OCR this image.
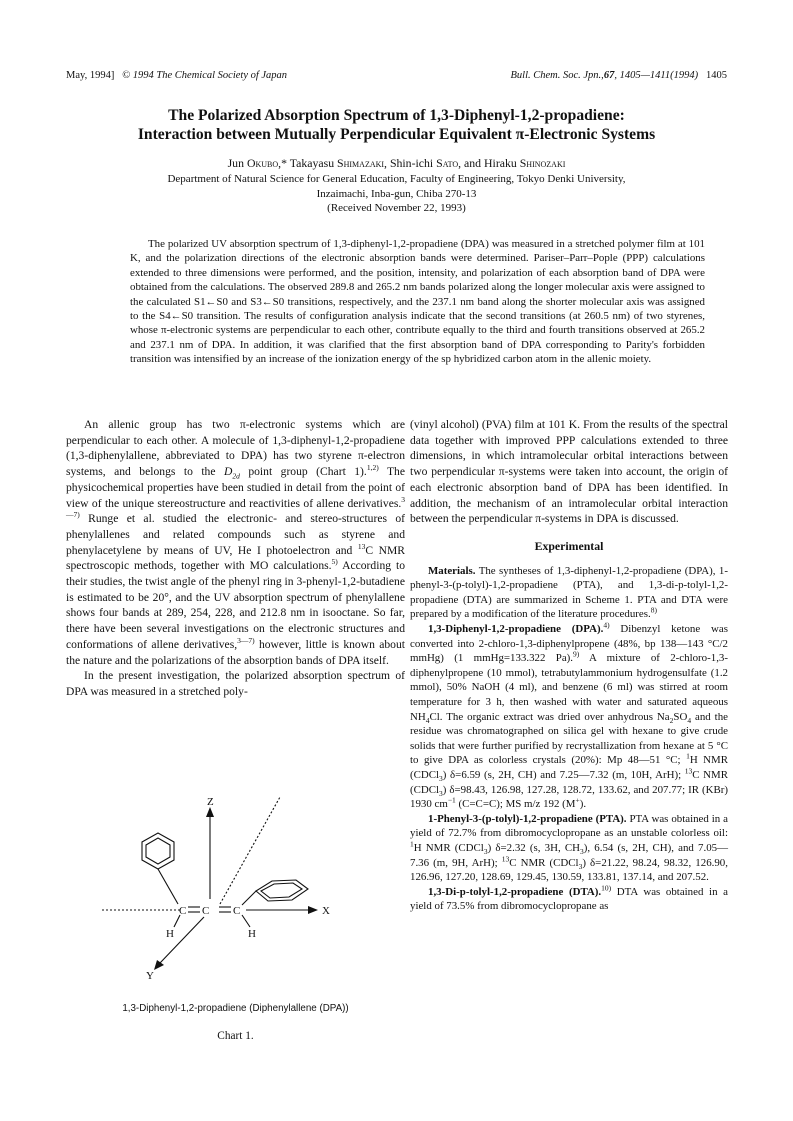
May, 1994] © 1994 The Chemical Society of Japan	Bull. Chem. Soc. Jpn.,67, 1405—1411(1994) 1405
The Polarized Absorption Spectrum of 1,3-Diphenyl-1,2-propadiene:
Interaction between Mutually Perpendicular Equivalent π-Electronic Systems
Jun Okubo,* Takayasu Shimazaki, Shin-ichi Sato, and Hiraku Shinozaki
Department of Natural Science for General Education, Faculty of Engineering, Tokyo Denki University,
Inzaimachi, Inba-gun, Chiba 270-13
(Received November 22, 1993)

The polarized UV absorption spectrum of 1,3-diphenyl-1,2-propadiene (DPA) was measured in a stretched polymer film at 101 K, and the polarization directions of the electronic absorption bands were determined. Pariser–Parr–Pople (PPP) calculations extended to three dimensions were performed, and the position, intensity, and polarization of each absorption band of DPA were obtained from the calculations. The observed 289.8 and 265.2 nm bands polarized along the longer molecular axis were assigned to the calculated S1←S0 and S3←S0 transitions, respectively, and the 237.1 nm band along the shorter molecular axis was assigned to the S4←S0 transition. The results of configuration analysis indicate that the second transitions (at 260.5 nm) of two styrenes, whose π-electronic systems are perpendicular to each other, contribute equally to the third and fourth transitions observed at 265.2 and 237.1 nm of DPA. In addition, it was clarified that the first absorption band of DPA corresponding to Parity's forbidden transition was intensified by an increase of the ionization energy of the sp hybridized carbon atom in the allenic moiety.

An allenic group has two π-electronic systems which are perpendicular to each other. A molecule of 1,3-diphenyl-1,2-propadiene (1,3-diphenylallene, abbreviated to DPA) has two styrene π-electron systems, and belongs to the $D_{2d}$ point group (Chart 1).$^{1,2)}$ The physicochemical properties have been studied in detail from the point of view of the unique stereostructure and reactivities of allene derivatives.$^{3—7)}$ Runge et al. studied the electronic- and stereo-structures of phenylallenes and related compounds such as styrene and phenylacetylene by means of UV, He I photoelectron and $^{13}$C NMR spectroscopic methods, together with MO calculations.$^{5)}$ According to their studies, the twist angle of the phenyl ring in 3-phenyl-1,2-butadiene is estimated to be 20°, and the UV absorption spectrum of phenylallene shows four bands at 289, 254, 228, and 212.8 nm in isooctane. So far, there have been several investigations on the electronic structures and conformations of allene derivatives,$^{3—7)}$ however, little is known about the nature and the polarizations of the absorption bands of DPA itself.

In the present investigation, the polarized absorption spectrum of DPA was measured in a stretched poly-

Z
X
Y
C C C
H	H
1,3-Diphenyl-1,2-propadiene (Diphenylallene (DPA))
Chart 1.

(vinyl alcohol) (PVA) film at 101 K. From the results of the spectral data together with improved PPP calculations extended to three dimensions, in which intramolecular orbital interactions between two perpendicular π-systems were taken into account, the origin of each electronic absorption band of DPA has been identified. In addition, the mechanism of an intramolecular orbital interaction between the perpendicular π-systems in DPA is discussed.

Experimental

Materials. The syntheses of 1,3-diphenyl-1,2-propadiene (DPA), 1-phenyl-3-(p-tolyl)-1,2-propadiene (PTA), and 1,3-di-p-tolyl-1,2-propadiene (DTA) are summarized in Scheme 1. PTA and DTA were prepared by a modification of the literature procedures.$^{8)}$

1,3-Diphenyl-1,2-propadiene (DPA).$^{4)}$ Dibenzyl ketone was converted into 2-chloro-1,3-diphenylpropene (48%, bp 138—143 °C/2 mmHg) (1 mmHg=133.322 Pa).$^{9)}$ A mixture of 2-chloro-1,3-diphenylpropene (10 mmol), tetrabutylammonium hydrogensulfate (1.2 mmol), 50% NaOH (4 ml), and benzene (6 ml) was stirred at room temperature for 3 h, then washed with water and saturated aqueous $NH_4Cl$. The organic extract was dried over anhydrous $Na_2SO_4$ and the residue was chromatographed on silica gel with hexane to give crude solids that were further purified by recrystallization from hexane at 5 °C to give DPA as colorless crystals (20%): Mp 48—51 °C; $^1$H NMR (CDCl$_3$) δ=6.59 (s, 2H, CH) and 7.25—7.32 (m, 10H, ArH); $^{13}$C NMR (CDCl$_3$) δ=98.43, 126.98, 127.28, 128.72, 133.62, and 207.77; IR (KBr) 1930 $cm^{-1}$ (C=C=C); MS m/z 192 (M+).

1-Phenyl-3-(p-tolyl)-1,2-propadiene (PTA). PTA was obtained in a yield of 72.7% from dibromocyclopropane as an unstable colorless oil: $^1$H NMR (CDCl$_3$) δ=2.32 (s, 3H, $CH_3$), 6.54 (s, 2H, CH), and 7.05—7.36 (m, 9H, ArH); $^{13}$C NMR (CDCl$_3$) δ=21.22, 98.24, 98.32, 126.90, 126.96, 127.20, 128.69, 129.45, 130.59, 133.81, 137.14, and 207.52.

1,3-Di-p-tolyl-1,2-propadiene (DTA).$^{10)}$ DTA was obtained in a yield of 73.5% from dibromocyclopropane as
